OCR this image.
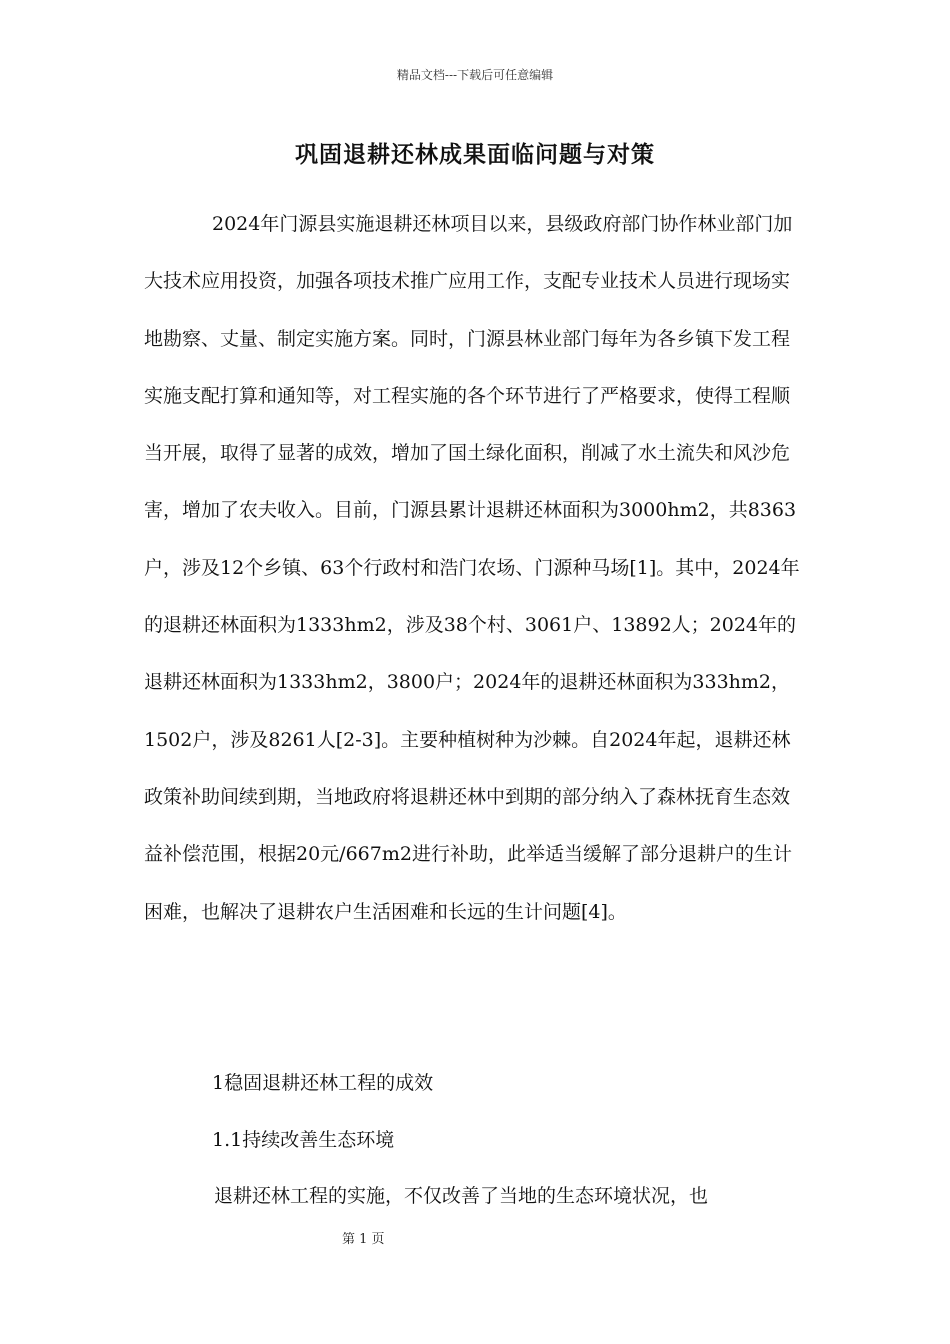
精品文档---下载后可任意编辑
巩固退耕还林成果面临问题与对策

2024年门源县实施退耕还林项目以来，县级政府部门协作林业部门加大技术应用投资，加强各项技术推广应用工作，支配专业技术人员进行现场实地勘察、丈量、制定实施方案。同时，门源县林业部门每年为各乡镇下发工程实施支配打算和通知等，对工程实施的各个环节进行了严格要求，使得工程顺当开展，取得了显著的成效，增加了国土绿化面积，削减了水土流失和风沙危害，增加了农夫收入。目前，门源县累计退耕还林面积为3000hm2，共8363户，涉及12个乡镇、63个行政村和浩门农场、门源种马场[1]。其中，2024年的退耕还林面积为1333hm2，涉及38个村、3061户、13892人；2024年的退耕还林面积为1333hm2，3800户；2024年的退耕还林面积为333hm2，1502户，涉及8261人[2-3]。主要种植树种为沙棘。自2024年起，退耕还林政策补助间续到期，当地政府将退耕还林中到期的部分纳入了森林抚育生态效益补偿范围，根据20元/667m2进行补助，此举适当缓解了部分退耕户的生计困难，也解决了退耕农户生活困难和长远的生计问题[4]。

1稳固退耕还林工程的成效

1.1持续改善生态环境

退耕还林工程的实施，不仅改善了当地的生态环境状况，也

第 1 页
